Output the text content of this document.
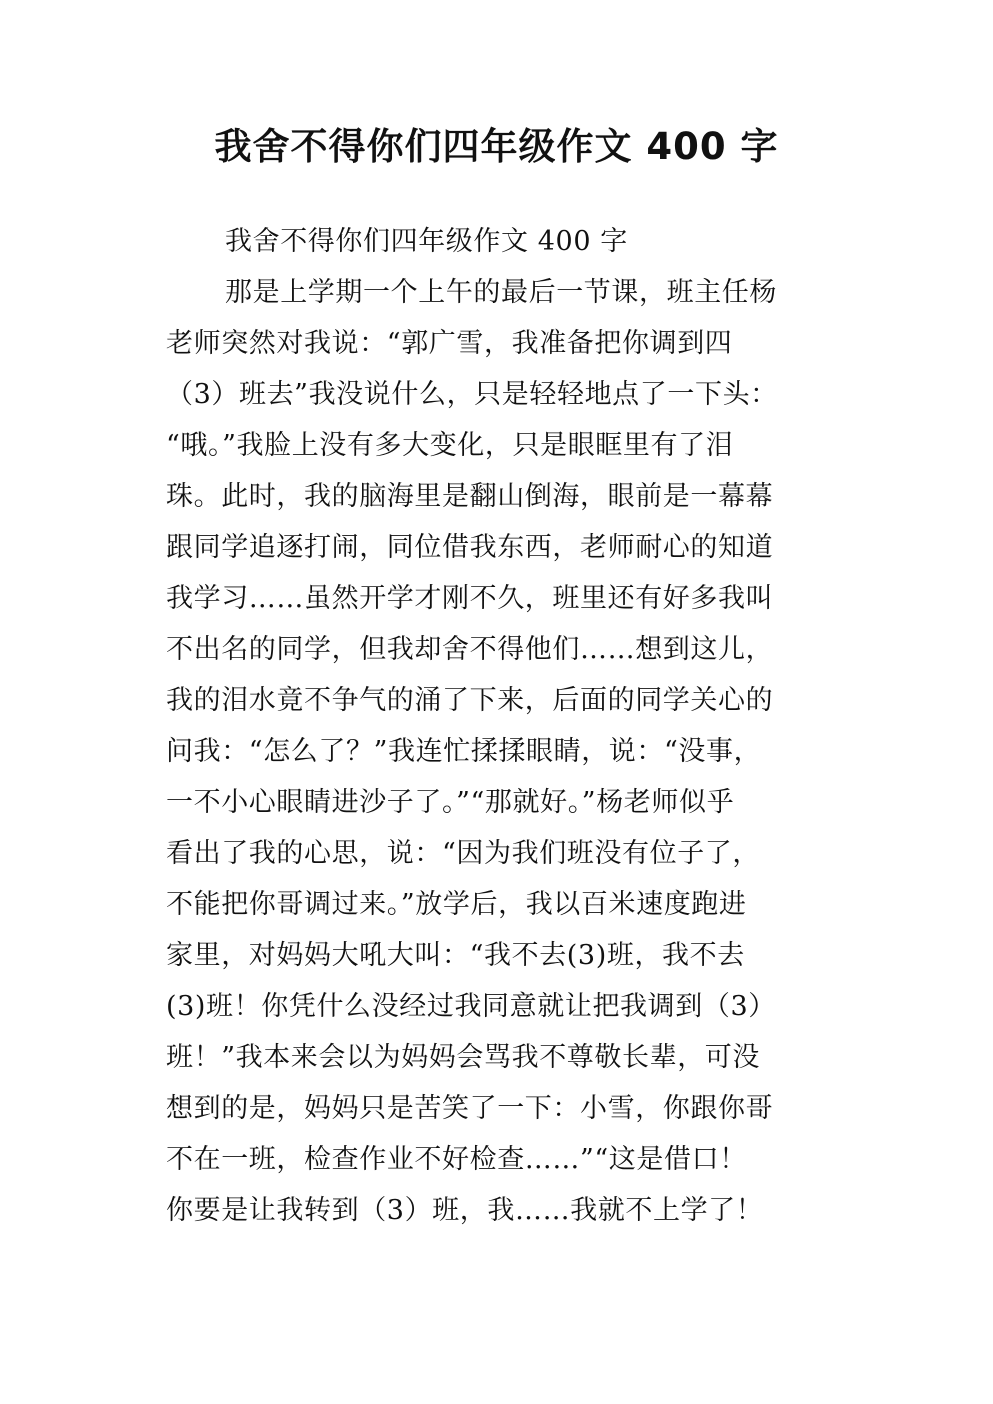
我舍不得你们四年级作文 400 字
我舍不得你们四年级作文 400 字
那是上学期一个上午的最后一节课，班主任杨
老师突然对我说：“郭广雪，我准备把你调到四
（3）班去”我没说什么，只是轻轻地点了一下头：
“哦。”我脸上没有多大变化，只是眼眶里有了泪
珠。此时，我的脑海里是翻山倒海，眼前是一幕幕
跟同学追逐打闹，同位借我东西，老师耐心的知道
我学习……虽然开学才刚不久，班里还有好多我叫
不出名的同学，但我却舍不得他们……想到这儿，
我的泪水竟不争气的涌了下来，后面的同学关心的
问我：“怎么了？”我连忙揉揉眼睛，说：“没事，
一不小心眼睛进沙子了。”“那就好。”杨老师似乎
看出了我的心思，说：“因为我们班没有位子了，
不能把你哥调过来。”放学后，我以百米速度跑进
家里，对妈妈大吼大叫：“我不去(3)班，我不去
(3)班！你凭什么没经过我同意就让把我调到（3）
班！”我本来会以为妈妈会骂我不尊敬长辈，可没
想到的是，妈妈只是苦笑了一下：小雪，你跟你哥
不在一班，检查作业不好检查……”“这是借口！
你要是让我转到（3）班，我……我就不上学了！
